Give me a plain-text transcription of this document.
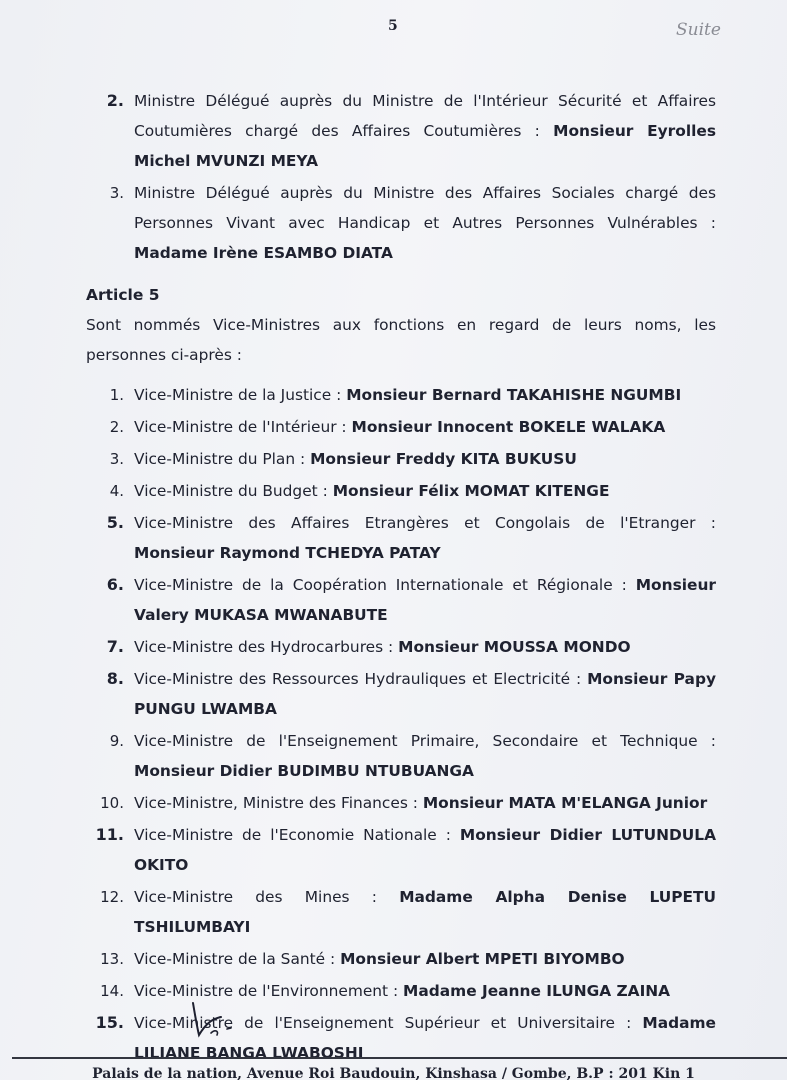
5	Suite
2. Ministre Délégué auprès du Ministre de l'Intérieur Sécurité et Affaires Coutumières chargé des Affaires Coutumières : Monsieur Eyrolles Michel MVUNZI MEYA
3. Ministre Délégué auprès du Ministre des Affaires Sociales chargé des Personnes Vivant avec Handicap et Autres Personnes Vulnérables : Madame Irène ESAMBO DIATA
Article 5
Sont nommés Vice-Ministres aux fonctions en regard de leurs noms, les personnes ci-après :
1. Vice-Ministre de la Justice : Monsieur Bernard TAKAHISHE NGUMBI
2. Vice-Ministre de l'Intérieur : Monsieur Innocent BOKELE WALAKA
3. Vice-Ministre du Plan : Monsieur Freddy KITA BUKUSU
4. Vice-Ministre du Budget : Monsieur Félix MOMAT KITENGE
5. Vice-Ministre des Affaires Etrangères et Congolais de l'Etranger : Monsieur Raymond TCHEDYA PATAY
6. Vice-Ministre de la Coopération Internationale et Régionale : Monsieur Valery MUKASA MWANABUTE
7. Vice-Ministre des Hydrocarbures : Monsieur MOUSSA MONDO
8. Vice-Ministre des Ressources Hydrauliques et Electricité : Monsieur Papy PUNGU LWAMBA
9. Vice-Ministre de l'Enseignement Primaire, Secondaire et Technique : Monsieur Didier BUDIMBU NTUBUANGA
10. Vice-Ministre, Ministre des Finances : Monsieur MATA M'ELANGA Junior
11. Vice-Ministre de l'Economie Nationale : Monsieur Didier LUTUNDULA OKITO
12. Vice-Ministre des Mines : Madame Alpha Denise LUPETU TSHILUMBAYI
13. Vice-Ministre de la Santé : Monsieur Albert MPETI BIYOMBO
14. Vice-Ministre de l'Environnement : Madame Jeanne ILUNGA ZAINA
15. Vice-Ministre de l'Enseignement Supérieur et Universitaire : Madame LILIANE BANGA LWABOSHI
Palais de la nation, Avenue Roi Baudouin, Kinshasa / Gombe, B.P : 201 Kin 1
